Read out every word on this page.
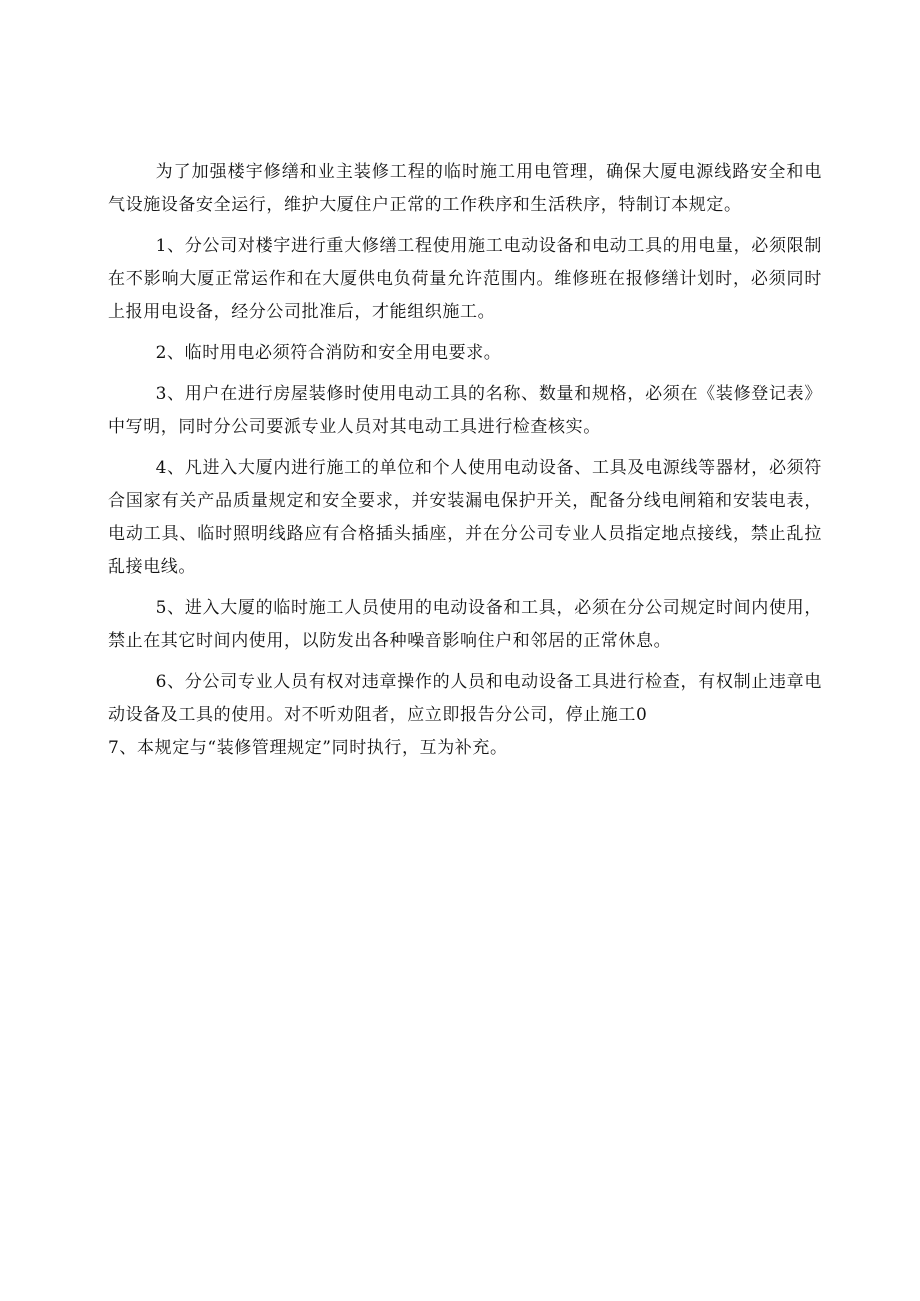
为了加强楼宇修缮和业主装修工程的临时施工用电管理，确保大厦电源线路安全和电气设施设备安全运行，维护大厦住户正常的工作秩序和生活秩序，特制订本规定。

1、分公司对楼宇进行重大修缮工程使用施工电动设备和电动工具的用电量，必须限制在不影响大厦正常运作和在大厦供电负荷量允许范围内。维修班在报修缮计划时，必须同时上报用电设备，经分公司批准后，才能组织施工。

2、临时用电必须符合消防和安全用电要求。

3、用户在进行房屋装修时使用电动工具的名称、数量和规格，必须在《装修登记表》中写明，同时分公司要派专业人员对其电动工具进行检查核实。

4、凡进入大厦内进行施工的单位和个人使用电动设备、工具及电源线等器材，必须符合国家有关产品质量规定和安全要求，并安装漏电保护开关，配备分线电闸箱和安装电表，电动工具、临时照明线路应有合格插头插座，并在分公司专业人员指定地点接线，禁止乱拉乱接电线。

5、进入大厦的临时施工人员使用的电动设备和工具，必须在分公司规定时间内使用，禁止在其它时间内使用，以防发出各种噪音影响住户和邻居的正常休息。

6、分公司专业人员有权对违章操作的人员和电动设备工具进行检查，有权制止违章电动设备及工具的使用。对不听劝阻者，应立即报告分公司，停止施工0

7、本规定与“装修管理规定”同时执行，互为补充。
